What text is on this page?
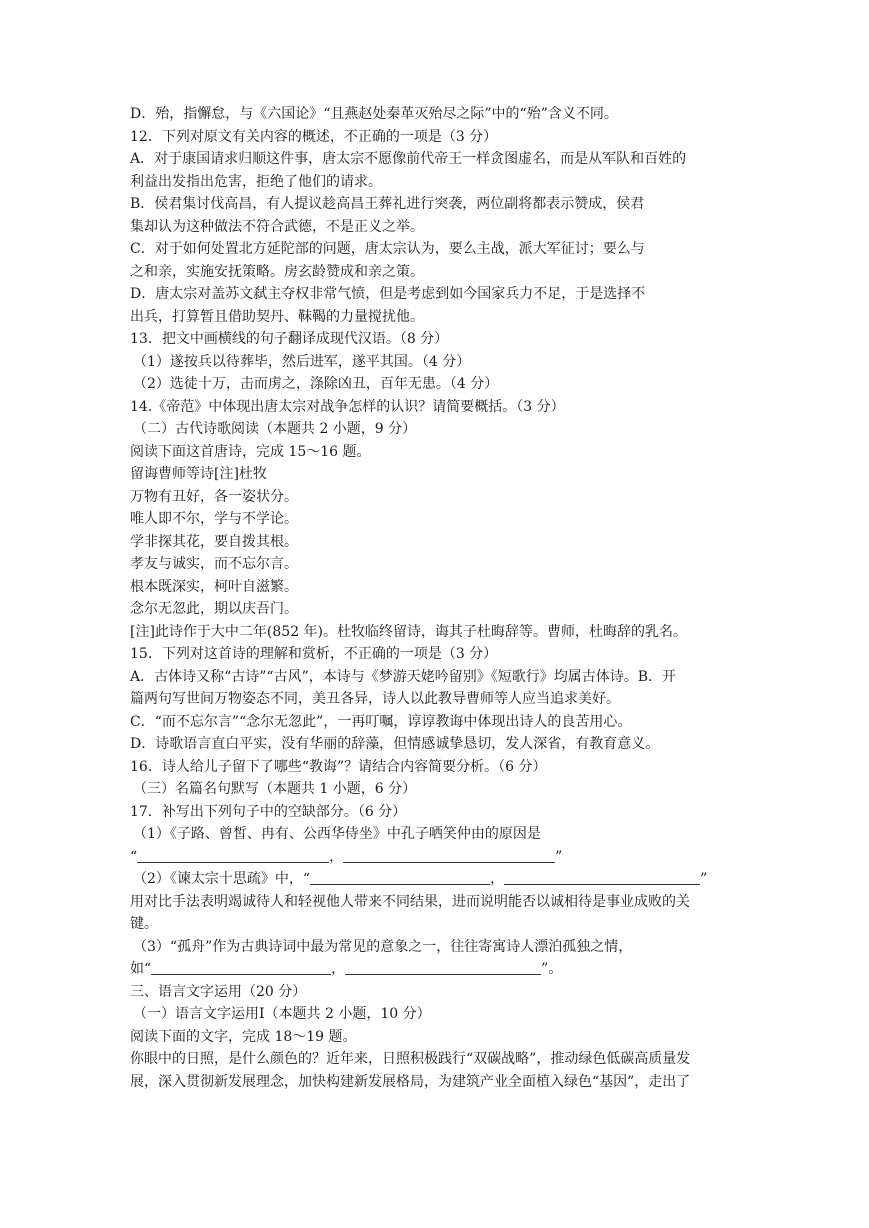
D．殆，指懈怠，与《六国论》“且燕赵处秦革灭殆尽之际”中的“殆”含义不同。
12．下列对原文有关内容的概述，不正确的一项是（3 分）
A．对于康国请求归顺这件事，唐太宗不愿像前代帝王一样贪图虚名，而是从军队和百姓的
利益出发指出危害，拒绝了他们的请求。
B．侯君集讨伐高昌，有人提议趁高昌王葬礼进行突袭，两位副将都表示赞成，侯君
集却认为这种做法不符合武德，不是正义之举。
C．对于如何处置北方延陀部的问题，唐太宗认为，要么主战，派大军征讨；要么与
之和亲，实施安抚策略。房玄龄赞成和亲之策。
D．唐太宗对盖苏文弑主夺权非常气愤，但是考虑到如今国家兵力不足，于是选择不
出兵，打算暂且借助契丹、靺鞨的力量搅扰他。
13．把文中画横线的句子翻译成现代汉语。（8 分）
（1）遂按兵以待葬毕，然后进军，遂平其国。（4 分）
（2）选徒十万，击而虏之，涤除凶丑，百年无患。（4 分）
14.《帝范》中体现出唐太宗对战争怎样的认识？请简要概括。（3 分）
（二）古代诗歌阅读（本题共 2 小题，9 分）
阅读下面这首唐诗，完成 15～16 题。
留诲曹师等诗[注]杜牧
万物有丑好，各一姿状分。
唯人即不尔，学与不学论。
学非探其花，要自拨其根。
孝友与诚实，而不忘尔言。
根本既深实，柯叶自滋繁。
念尔无忽此，期以庆吾门。
[注]此诗作于大中二年(852 年)。杜牧临终留诗，诲其子杜晦辞等。曹师，杜晦辞的乳名。
15．下列对这首诗的理解和赏析，不正确的一项是（3 分）
A．古体诗又称“古诗”“古风”，本诗与《梦游天姥吟留别》《短歌行》均属古体诗。B．开
篇两句写世间万物姿态不同，美丑各异，诗人以此教导曹师等人应当追求美好。
C．“而不忘尔言”“念尔无忽此”，一再叮嘱，谆谆教诲中体现出诗人的良苦用心。
D．诗歌语言直白平实，没有华丽的辞藻，但情感诚挚恳切，发人深省，有教育意义。
16．诗人给儿子留下了哪些“教诲”？请结合内容简要分析。（6 分）
（三）名篇名句默写（本题共 1 小题，6 分）
17．补写出下列句子中的空缺部分。（6 分）
（1）《子路、曾皙、冉有、公西华侍坐》中孔子哂笑仲由的原因是
“	，	”
（2）《谏太宗十思疏》中，“	，	”
用对比手法表明竭诚待人和轻视他人带来不同结果，进而说明能否以诚相待是事业成败的关
键。
（3）“孤舟”作为古典诗词中最为常见的意象之一，往往寄寓诗人漂泊孤独之情，
如“	，	”。
三、语言文字运用（20 分）
（一）语言文字运用Ⅰ（本题共 2 小题，10 分）
阅读下面的文字，完成 18～19 题。
你眼中的日照，是什么颜色的？近年来，日照积极践行“双碳战略”，推动绿色低碳高质量发
展，深入贯彻新发展理念，加快构建新发展格局，为建筑产业全面植入绿色“基因”，走出了
